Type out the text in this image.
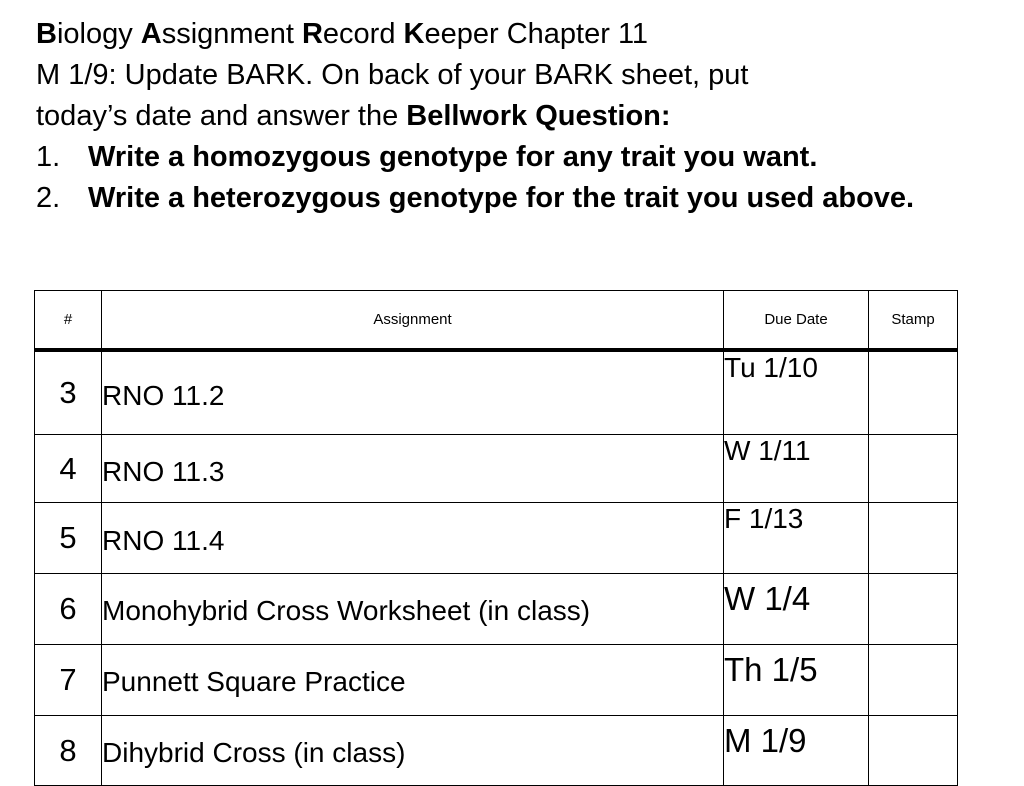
Biology Assignment Record Keeper Chapter 11
M 1/9: Update BARK. On back of your BARK sheet, put
today’s date and answer the Bellwork Question:
1. Write a homozygous genotype for any trait you want.
2. Write a heterozygous genotype for the trait you used above.
#	Assignment	Due Date	Stamp
3	RNO 11.2	Tu 1/10	
4	RNO 11.3	W 1/11	
5	RNO 11.4	F 1/13	
6	Monohybrid Cross Worksheet (in class)	W 1/4	
7	Punnett Square Practice	Th 1/5	
8	Dihybrid Cross (in class)	M 1/9	
